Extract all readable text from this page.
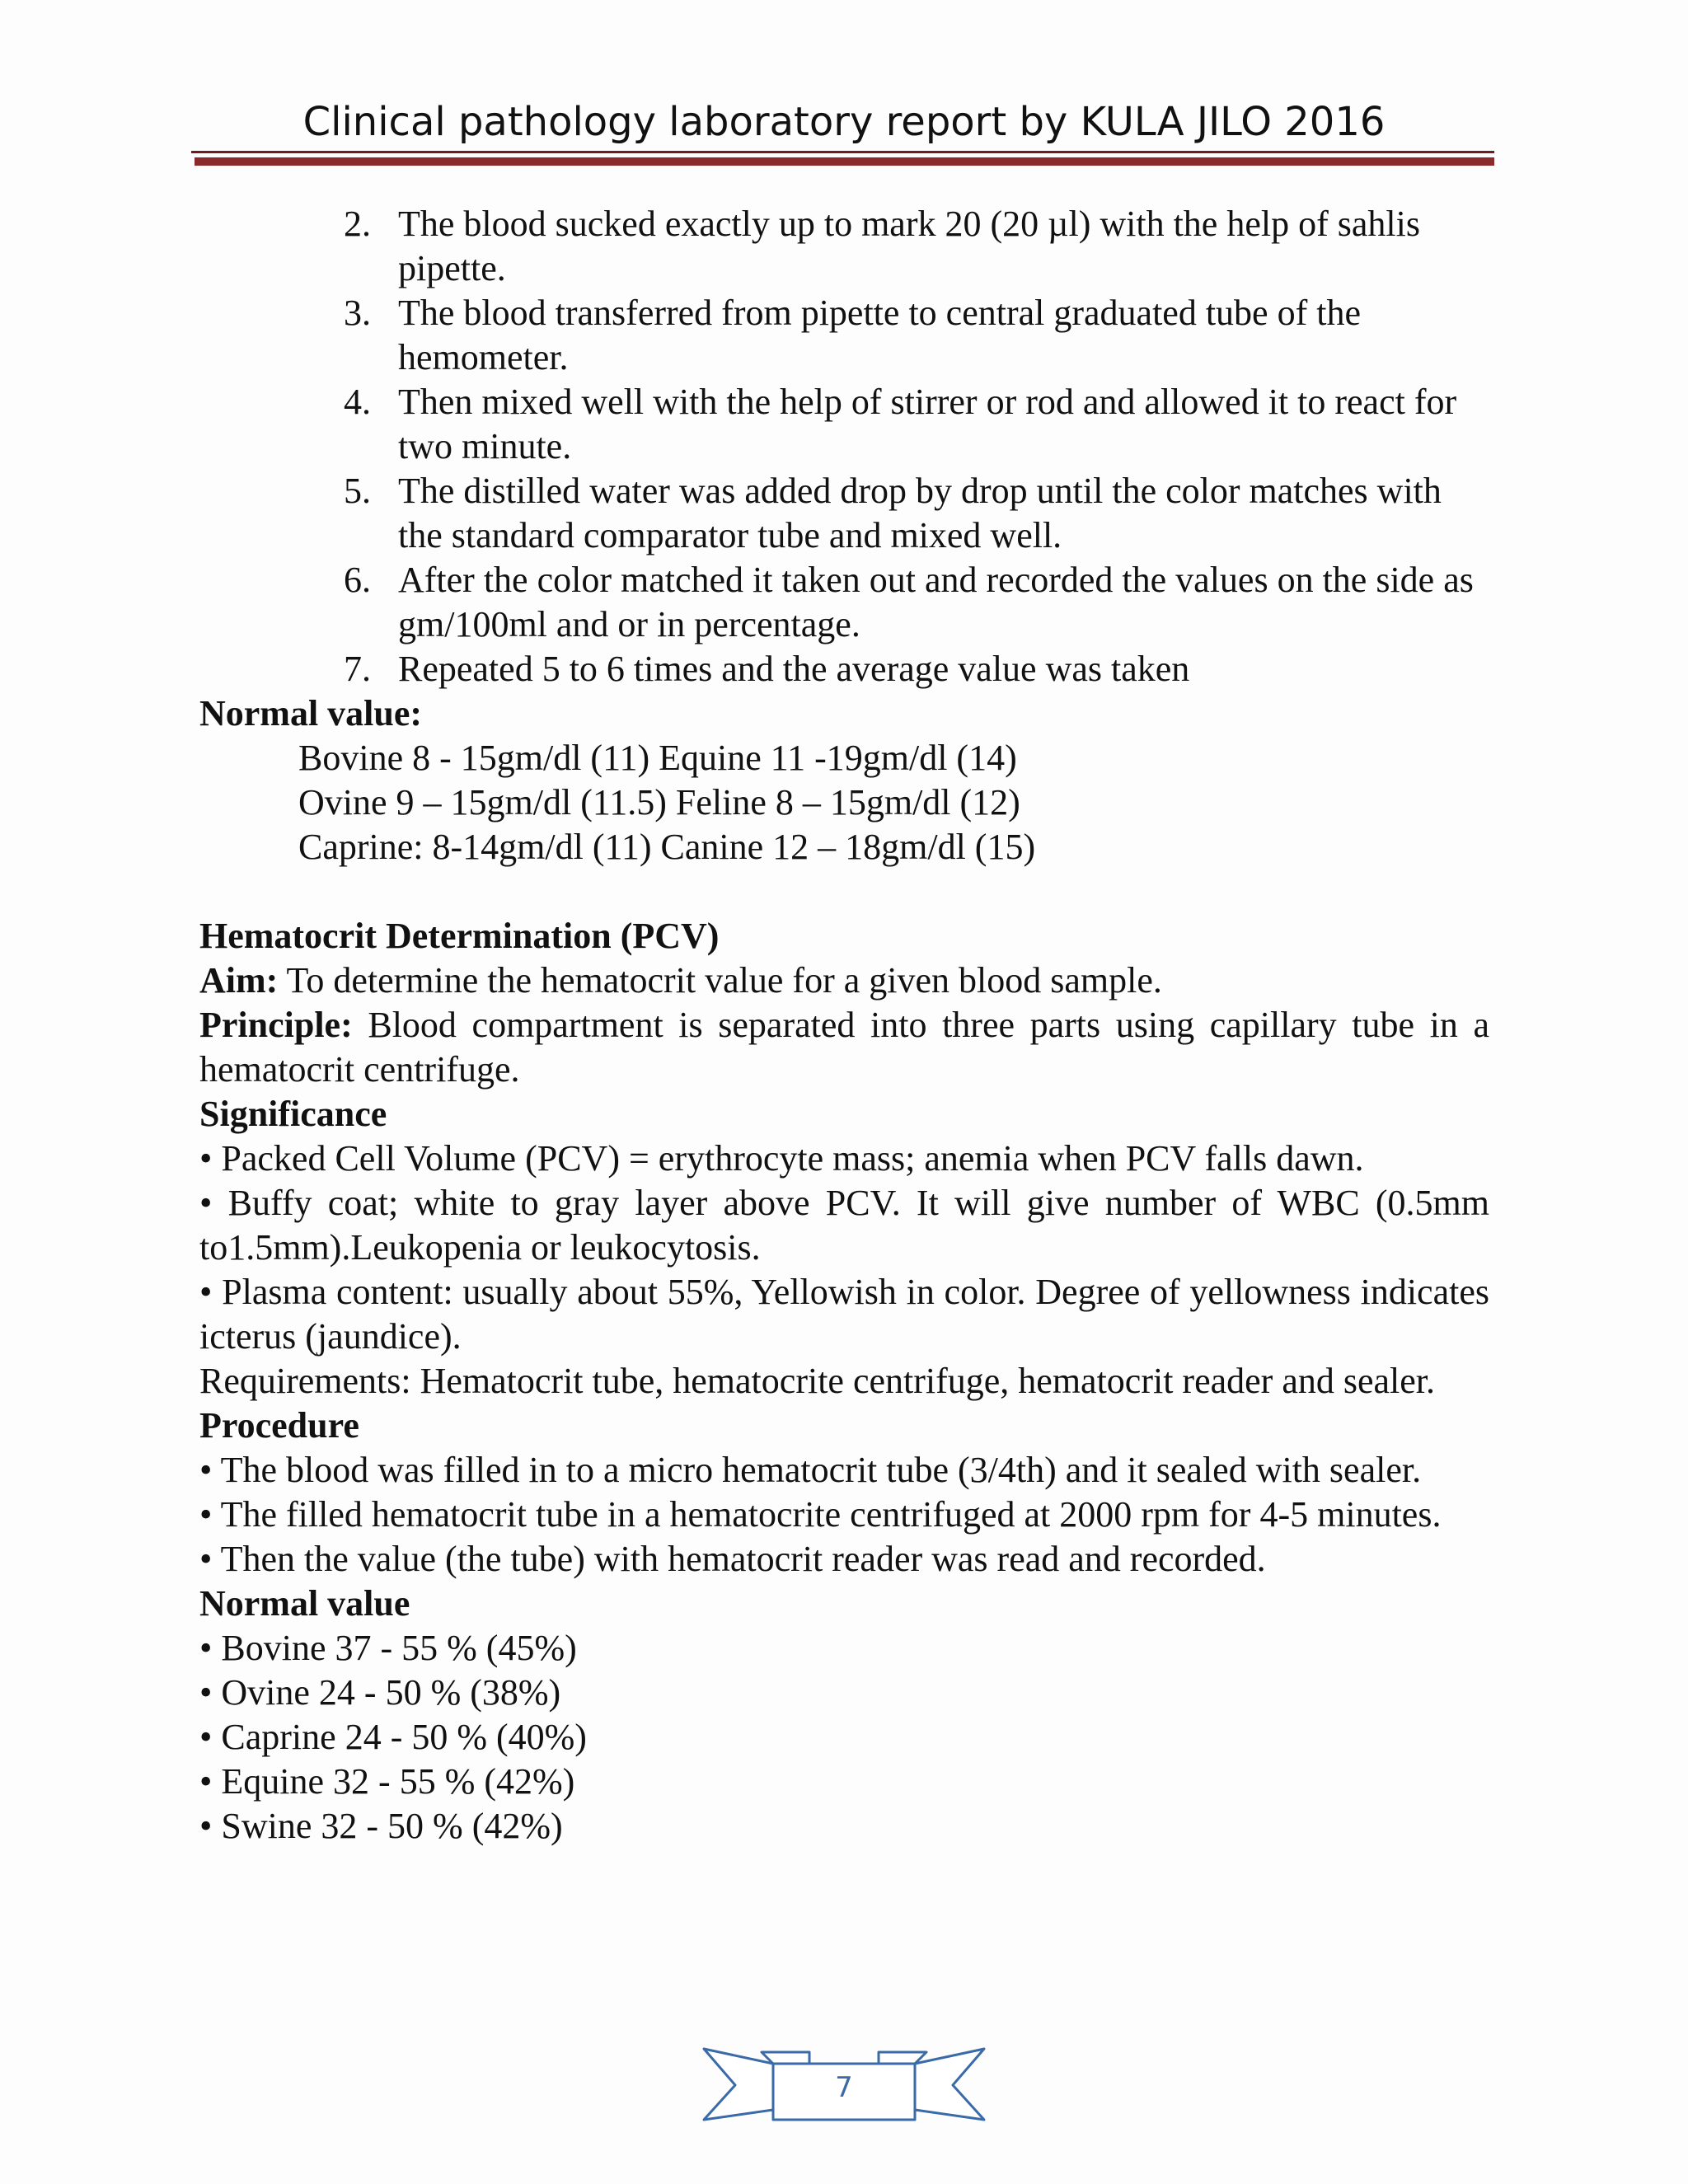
Clinical pathology laboratory report by KULA JILO 2016
2. The blood sucked exactly up to mark 20 (20 µl) with the help of sahlis pipette.
3. The blood transferred from pipette to central graduated tube of the hemometer.
4. Then mixed well with the help of stirrer or rod and allowed it to react for two minute.
5. The distilled water was added drop by drop until the color matches with the standard comparator tube and mixed well.
6. After the color matched it taken out and recorded the values on the side as gm/100ml and or in percentage.
7. Repeated 5 to 6 times and the average value was taken

Normal value:

Bovine 8 - 15gm/dl (11) Equine 11 -19gm/dl (14)

Ovine 9 – 15gm/dl (11.5) Feline 8 – 15gm/dl (12)

Caprine: 8-14gm/dl (11) Canine 12 – 18gm/dl (15)

Hematocrit Determination (PCV)

Aim: To determine the hematocrit value for a given blood sample.

Principle: Blood compartment is separated into three parts using capillary tube in a hematocrit centrifuge.

Significance

• Packed Cell Volume (PCV) = erythrocyte mass; anemia when PCV falls dawn.

• Buffy coat; white to gray layer above PCV. It will give number of WBC (0.5mm to1.5mm).Leukopenia or leukocytosis.

• Plasma content: usually about 55%, Yellowish in color. Degree of yellowness indicates icterus (jaundice).

Requirements: Hematocrit tube, hematocrite centrifuge, hematocrit reader and sealer.

Procedure

• The blood was filled in to a micro hematocrit tube (3/4th) and it sealed with sealer.

• The filled hematocrit tube in a hematocrite centrifuged at 2000 rpm for 4-5 minutes.

• Then the value (the tube) with hematocrit reader was read and recorded.

Normal value

• Bovine 37 - 55 % (45%)

• Ovine 24 - 50 % (38%)

• Caprine 24 - 50 % (40%)

• Equine 32 - 55 % (42%)

• Swine 32 - 50 % (42%)

7
